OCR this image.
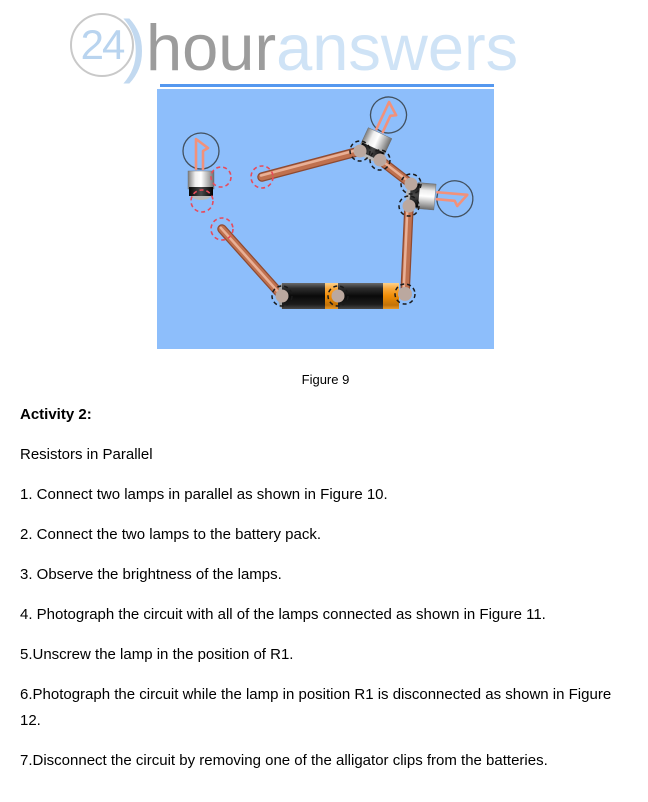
24 ) houranswers
Figure 9

Activity 2:

Resistors in Parallel

1. Connect two lamps in parallel as shown in Figure 10.

2. Connect the two lamps to the battery pack.

3. Observe the brightness of the lamps.

4. Photograph the circuit with all of the lamps connected as shown in Figure 11.

5.Unscrew the lamp in the position of R1.

6.Photograph the circuit while the lamp in position R1 is disconnected as shown in Figure 12.

7.Disconnect the circuit by removing one of the alligator clips from the batteries.
